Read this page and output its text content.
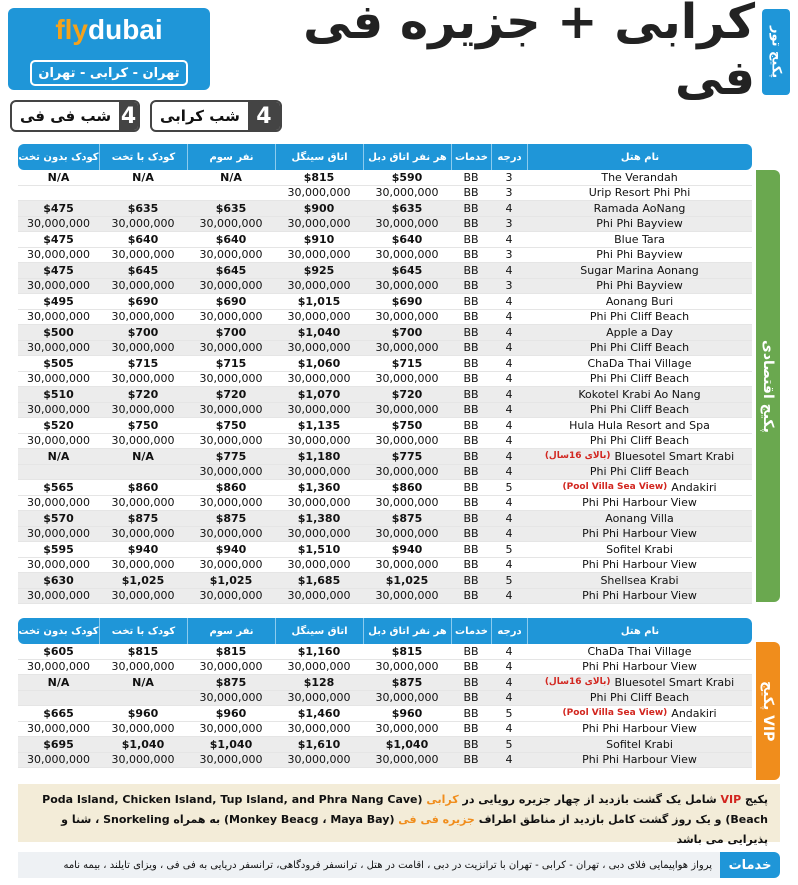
پکیج تور
کرابی + جزیره فی فی
flydubai
تهران - کرابی - تهران
4
شب کرابی
4
شب فی فی
نام هتل
درجه
خدمات
هر نفر اتاق دبل
اتاق سینگل
نفر سوم
کودک با تخت
کودک بدون تخت
The Verandah
3
BB
$590
$815
N/A
N/A
N/A
Urip Resort Phi Phi
3
BB
30,000,000
30,000,000
Ramada AoNang
4
BB
$635
$900
$635
$635
$475
Phi Phi Bayview
3
BB
30,000,000
30,000,000
30,000,000
30,000,000
30,000,000
Blue Tara
4
BB
$640
$910
$640
$640
$475
Phi Phi Bayview
3
BB
30,000,000
30,000,000
30,000,000
30,000,000
30,000,000
Sugar Marina Aonang
4
BB
$645
$925
$645
$645
$475
Phi Phi Bayview
3
BB
30,000,000
30,000,000
30,000,000
30,000,000
30,000,000
Aonang Buri
4
BB
$690
$1,015
$690
$690
$495
Phi Phi Cliff Beach
4
BB
30,000,000
30,000,000
30,000,000
30,000,000
30,000,000
Apple a Day
4
BB
$700
$1,040
$700
$700
$500
Phi Phi Cliff Beach
4
BB
30,000,000
30,000,000
30,000,000
30,000,000
30,000,000
ChaDa Thai Village
4
BB
$715
$1,060
$715
$715
$505
Phi Phi Cliff Beach
4
BB
30,000,000
30,000,000
30,000,000
30,000,000
30,000,000
Kokotel Krabi Ao Nang
4
BB
$720
$1,070
$720
$720
$510
Phi Phi Cliff Beach
4
BB
30,000,000
30,000,000
30,000,000
30,000,000
30,000,000
Hula Hula Resort and Spa
4
BB
$750
$1,135
$750
$750
$520
Phi Phi Cliff Beach
4
BB
30,000,000
30,000,000
30,000,000
30,000,000
30,000,000
Bluesotel Smart Krabi
(بالای 16سال)
4
BB
$775
$1,180
$775
N/A
N/A
Phi Phi Cliff Beach
4
BB
30,000,000
30,000,000
30,000,000
Andakiri
(Pool Villa Sea View)
5
BB
$860
$1,360
$860
$860
$565
Phi Phi Harbour View
4
BB
30,000,000
30,000,000
30,000,000
30,000,000
30,000,000
Aonang Villa
4
BB
$875
$1,380
$875
$875
$570
Phi Phi Harbour View
4
BB
30,000,000
30,000,000
30,000,000
30,000,000
30,000,000
Sofitel Krabi
5
BB
$940
$1,510
$940
$940
$595
Phi Phi Harbour View
4
BB
30,000,000
30,000,000
30,000,000
30,000,000
30,000,000
Shellsea Krabi
5
BB
$1,025
$1,685
$1,025
$1,025
$630
Phi Phi Harbour View
4
BB
30,000,000
30,000,000
30,000,000
30,000,000
30,000,000
پکیج اقتصادی
نام هتل
درجه
خدمات
هر نفر اتاق دبل
اتاق سینگل
نفر سوم
کودک با تخت
کودک بدون تخت
ChaDa Thai Village
4
BB
$815
$1,160
$815
$815
$605
Phi Phi Harbour View
4
BB
30,000,000
30,000,000
30,000,000
30,000,000
30,000,000
Bluesotel Smart Krabi
(بالای 16سال)
4
BB
$875
$128
$875
N/A
N/A
Phi Phi Cliff Beach
4
BB
30,000,000
30,000,000
30,000,000
Andakiri
(Pool Villa Sea View)
5
BB
$960
$1,460
$960
$960
$665
Phi Phi Harbour View
4
BB
30,000,000
30,000,000
30,000,000
30,000,000
30,000,000
Sofitel Krabi
5
BB
$1,040
$1,610
$1,040
$1,040
$695
Phi Phi Harbour View
4
BB
30,000,000
30,000,000
30,000,000
30,000,000
30,000,000
پکیج VIP
پکیج VIP شامل یک گشت بازدید از چهار جزیره رویایی در کرابی (Poda Island, Chicken Island, Tup Island, and Phra Nang Cave Beach) و یک روز گشت کامل بازدید از مناطق اطراف جزیره فی فی (Monkey Beacg ، Maya Bay) به همراه Snorkeling ، شنا و پذیرایی می باشد
خدمات
پرواز هواپیمایی فلای دبی ، تهران - کرابی - تهران با ترانزیت در دبی ، اقامت در هتل ، ترانسفر فرودگاهی، ترانسفر دریایی به فی فی ، ویزای تایلند ، بیمه نامه
